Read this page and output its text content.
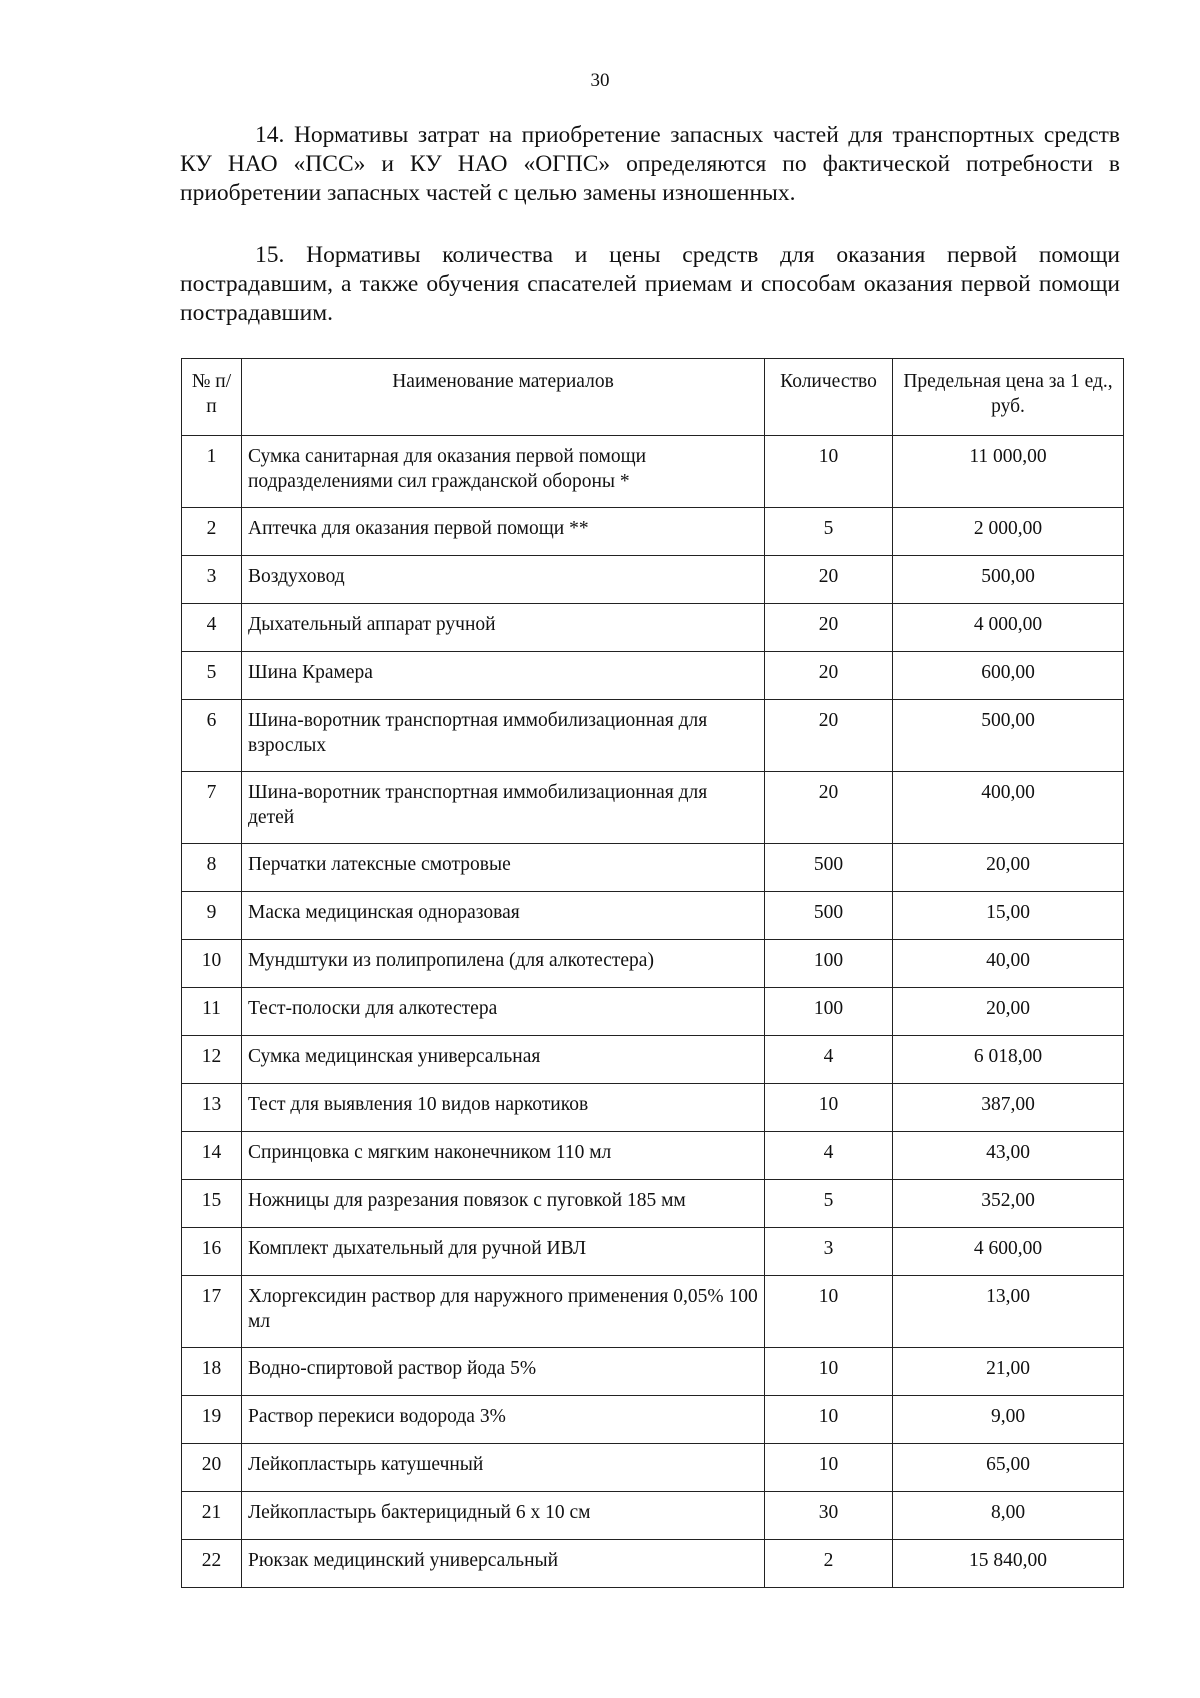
30

14. Нормативы затрат на приобретение запасных частей для транспортных средств КУ НАО «ПСС» и КУ НАО «ОГПС» определяются по фактической потребности в приобретении запасных частей с целью замены изношенных.

15. Нормативы количества и цены средств для оказания первой помощи пострадавшим, а также обучения спасателей приемам и способам оказания первой помощи пострадавшим.

№ п/п	Наименование материалов	Количество	Предельная цена за 1 ед., руб.
1	Сумка санитарная для оказания первой помощи подразделениями сил гражданской обороны *	10	11 000,00
2	Аптечка для оказания первой помощи **	5	2 000,00
3	Воздуховод	20	500,00
4	Дыхательный аппарат ручной	20	4 000,00
5	Шина Крамера	20	600,00
6	Шина-воротник транспортная иммобилизационная для взрослых	20	500,00
7	Шина-воротник транспортная иммобилизационная для детей	20	400,00
8	Перчатки латексные смотровые	500	20,00
9	Маска медицинская одноразовая	500	15,00
10	Мундштуки из полипропилена (для алкотестера)	100	40,00
11	Тест-полоски для алкотестера	100	20,00
12	Сумка медицинская универсальная	4	6 018,00
13	Тест для выявления 10 видов наркотиков	10	387,00
14	Спринцовка с мягким наконечником 110 мл	4	43,00
15	Ножницы для разрезания повязок с пуговкой 185 мм	5	352,00
16	Комплект дыхательный для ручной ИВЛ	3	4 600,00
17	Хлоргексидин раствор для наружного применения 0,05% 100 мл	10	13,00
18	Водно-спиртовой раствор йода 5%	10	21,00
19	Раствор перекиси водорода 3%	10	9,00
20	Лейкопластырь катушечный	10	65,00
21	Лейкопластырь бактерицидный 6 х 10 см	30	8,00
22	Рюкзак медицинский универсальный	2	15 840,00
